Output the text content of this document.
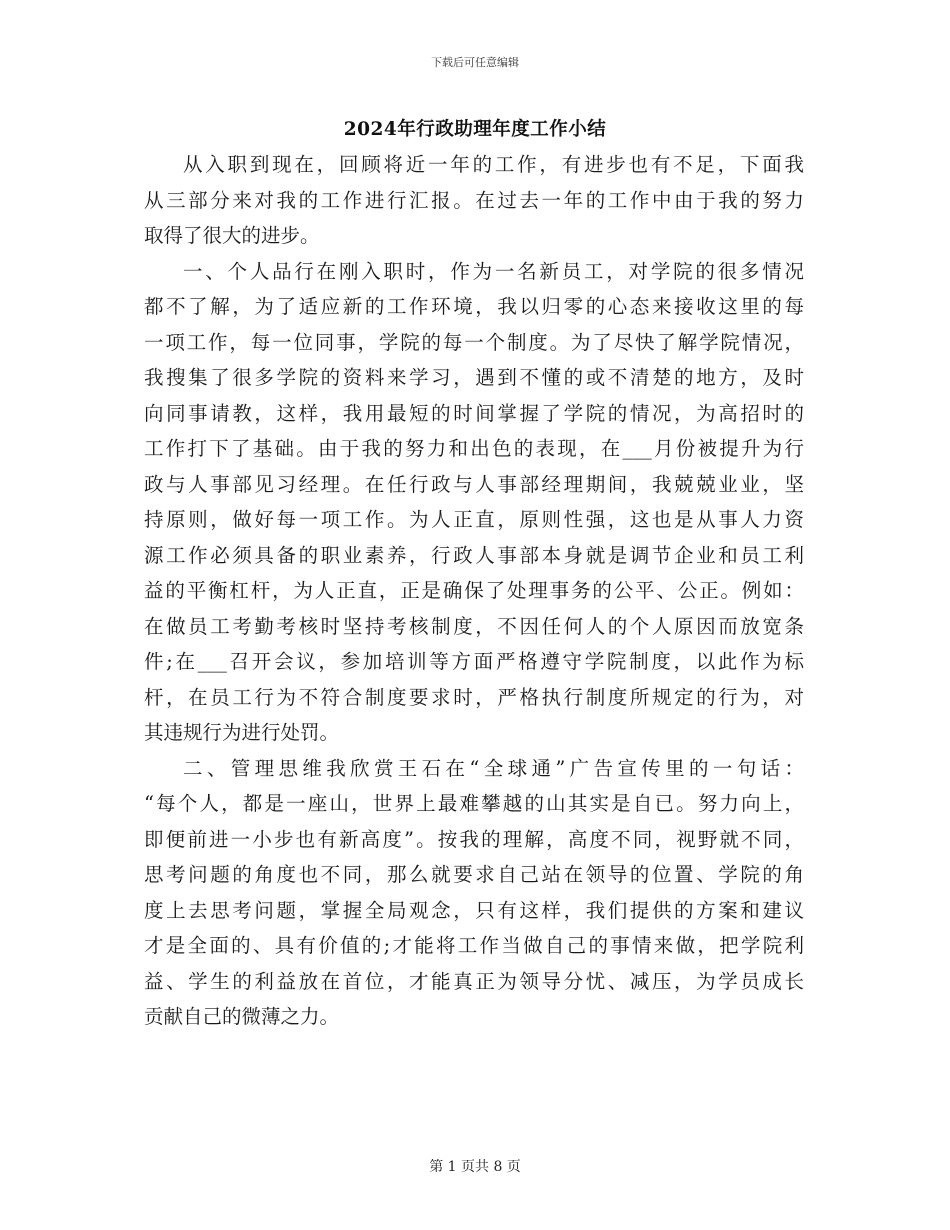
下载后可任意编辑
2024年行政助理年度工作小结

从入职到现在，回顾将近一年的工作，有进步也有不足，下面我
从三部分来对我的工作进行汇报。在过去一年的工作中由于我的努力
取得了很大的进步。

一、个人品行在刚入职时，作为一名新员工，对学院的很多情况
都不了解，为了适应新的工作环境，我以归零的心态来接收这里的每
一项工作，每一位同事，学院的每一个制度。为了尽快了解学院情况，
我搜集了很多学院的资料来学习，遇到不懂的或不清楚的地方，及时
向同事请教，这样，我用最短的时间掌握了学院的情况，为高招时的
工作打下了基础。由于我的努力和出色的表现，在___月份被提升为行
政与人事部见习经理。在任行政与人事部经理期间，我兢兢业业，坚
持原则，做好每一项工作。为人正直，原则性强，这也是从事人力资
源工作必须具备的职业素养，行政人事部本身就是调节企业和员工利
益的平衡杠杆，为人正直，正是确保了处理事务的公平、公正。例如：
在做员工考勤考核时坚持考核制度，不因任何人的个人原因而放宽条
件;在___召开会议，参加培训等方面严格遵守学院制度，以此作为标
杆，在员工行为不符合制度要求时，严格执行制度所规定的行为，对
其违规行为进行处罚。

二、管理思维我欣赏王石在“全球通”广告宣传里的一句话：
“每个人，都是一座山，世界上最难攀越的山其实是自已。努力向上，
即便前进一小步也有新高度”。按我的理解，高度不同，视野就不同，
思考问题的角度也不同，那么就要求自己站在领导的位置、学院的角
度上去思考问题，掌握全局观念，只有这样，我们提供的方案和建议
才是全面的、具有价值的;才能将工作当做自己的事情来做，把学院利
益、学生的利益放在首位，才能真正为领导分忧、减压，为学员成长
贡献自己的微薄之力。

第 1 页共 8 页
